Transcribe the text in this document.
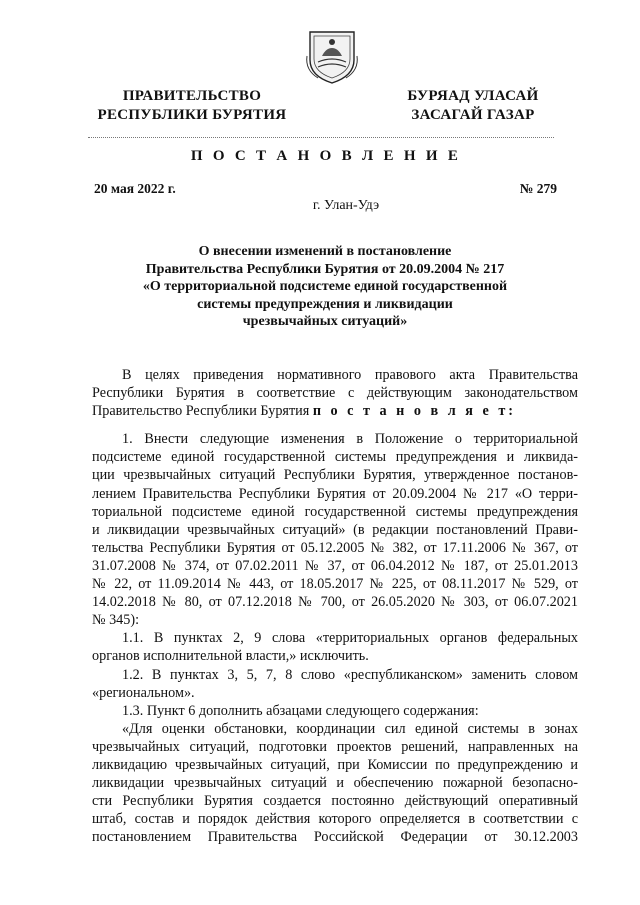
ПРАВИТЕЛЬСТВО
РЕСПУБЛИКИ БУРЯТИЯ
БУРЯАД УЛАСАЙ
ЗАСАГАЙ ГАЗАР
П О С Т А Н О В Л Е Н И Е
20 мая 2022 г.	№ 279
г. Улан-Удэ
О внесении изменений в постановление
Правительства Республики Бурятия от 20.09.2004 № 217
«О территориальной подсистеме единой государственной
системы предупреждения и ликвидации
чрезвычайных ситуаций»
В целях приведения нормативного правового акта Правительства
Республики Бурятия в соответствие с действующим законодательством
Правительство Республики Бурятия п о с т а н о в л я е т:
1. Внести следующие изменения в Положение о территориальной
подсистеме единой государственной системы предупреждения и ликвида-
ции чрезвычайных ситуаций Республики Бурятия, утвержденное постанов-
лением Правительства Республики Бурятия от 20.09.2004 № 217 «О терри-
ториальной подсистеме единой государственной системы предупреждения
и ликвидации чрезвычайных ситуаций» (в редакции постановлений Прави-
тельства Республики Бурятия от 05.12.2005 № 382, от 17.11.2006 № 367, от
31.07.2008 № 374, от 07.02.2011 № 37, от 06.04.2012 № 187, от 25.01.2013
№ 22, от 11.09.2014 № 443, от 18.05.2017 № 225, от 08.11.2017 № 529, от
14.02.2018 № 80, от 07.12.2018 № 700, от 26.05.2020 № 303, от 06.07.2021
№ 345):
1.1. В пунктах 2, 9 слова «территориальных органов федеральных
органов исполнительной власти,» исключить.
1.2. В пунктах 3, 5, 7, 8 слово «республиканском» заменить словом
«региональном».
1.3. Пункт 6 дополнить абзацами следующего содержания:
«Для оценки обстановки, координации сил единой системы в зонах
чрезвычайных ситуаций, подготовки проектов решений, направленных на
ликвидацию чрезвычайных ситуаций, при Комиссии по предупреждению и
ликвидации чрезвычайных ситуаций и обеспечению пожарной безопасно-
сти Республики Бурятия создается постоянно действующий оперативный
штаб, состав и порядок действия которого определяется в соответствии с
постановлением Правительства Российской Федерации от 30.12.2003
